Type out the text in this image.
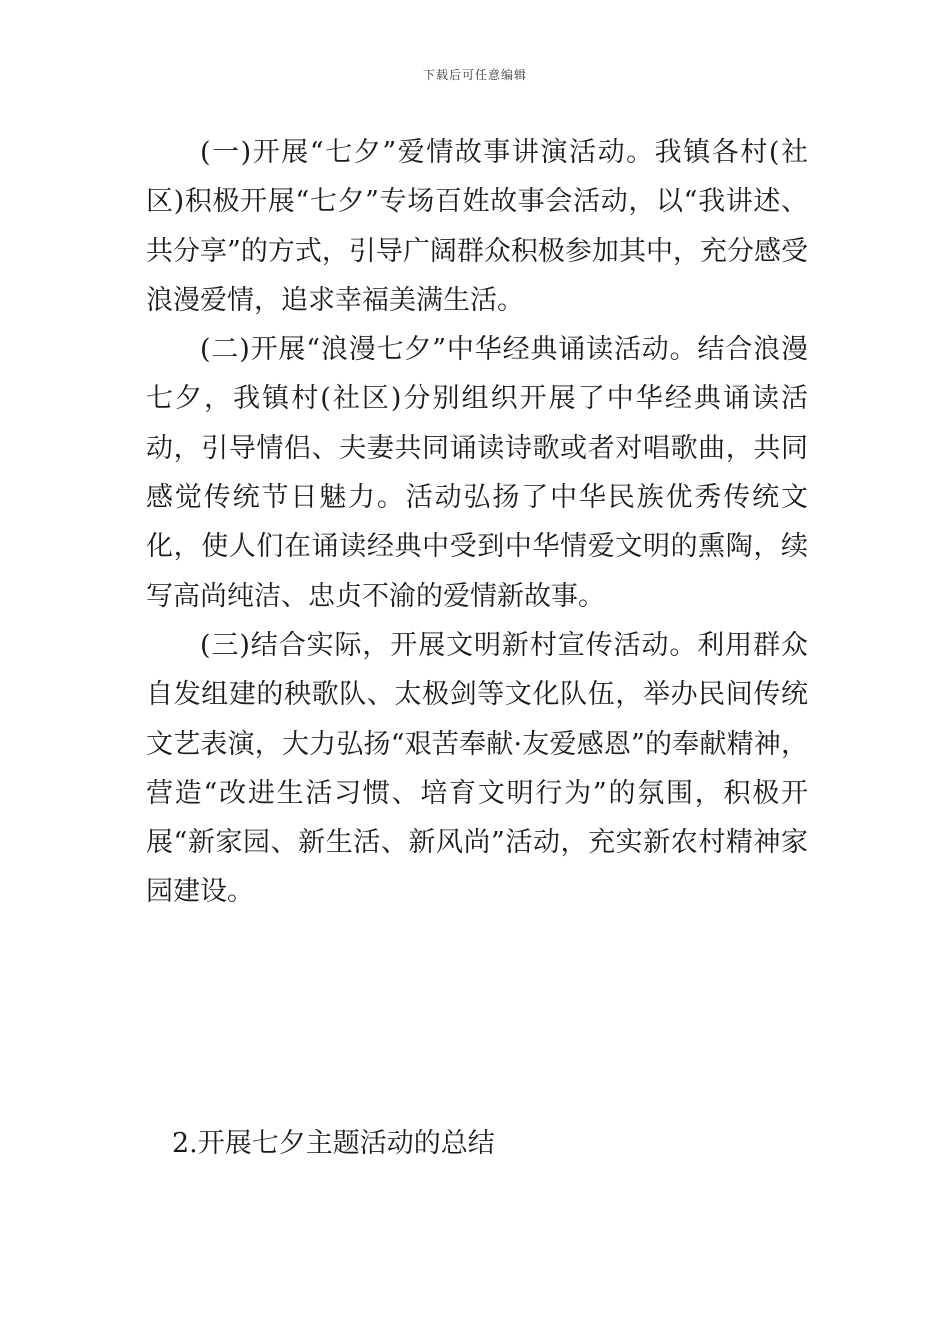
下载后可任意编辑

(一)开展“七夕”爱情故事讲演活动。我镇各村(社区)积极开展“七夕”专场百姓故事会活动，以“我讲述、共分享”的方式，引导广阔群众积极参加其中，充分感受浪漫爱情，追求幸福美满生活。

(二)开展“浪漫七夕”中华经典诵读活动。结合浪漫七夕，我镇村(社区)分别组织开展了中华经典诵读活动，引导情侣、夫妻共同诵读诗歌或者对唱歌曲，共同感觉传统节日魅力。活动弘扬了中华民族优秀传统文化，使人们在诵读经典中受到中华情爱文明的熏陶，续写高尚纯洁、忠贞不渝的爱情新故事。

(三)结合实际，开展文明新村宣传活动。利用群众自发组建的秧歌队、太极剑等文化队伍，举办民间传统文艺表演，大力弘扬“艰苦奉献·友爱感恩”的奉献精神，营造“改进生活习惯、培育文明行为”的氛围，积极开展“新家园、新生活、新风尚”活动，充实新农村精神家园建设。

2.开展七夕主题活动的总结
